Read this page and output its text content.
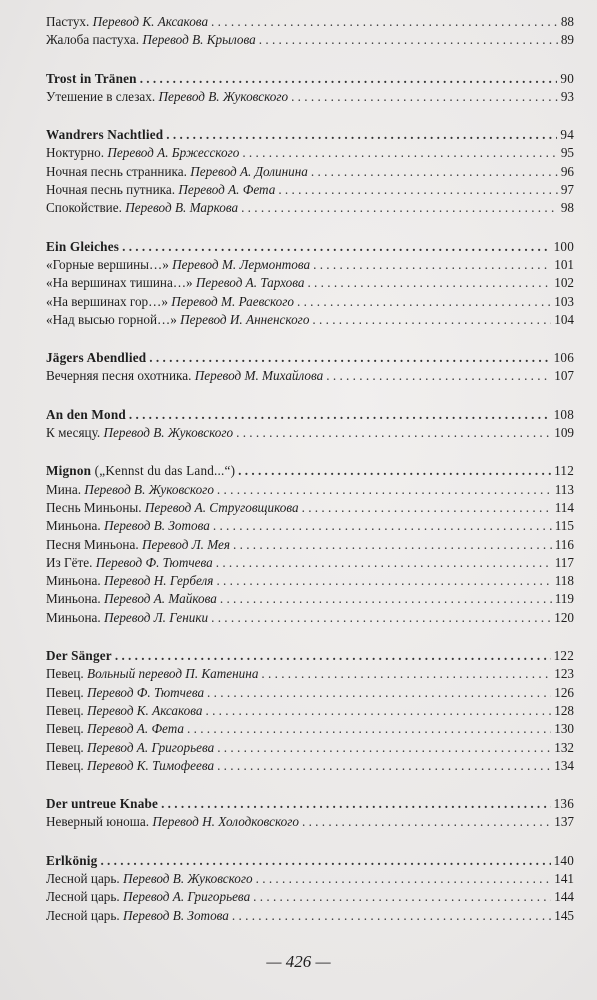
Пастух. Перевод К. Аксакова . . .	88
Жалоба пастуха. Перевод В. Крылова . . .	89
Trost in Tränen . . .	90
Утешение в слезах. Перевод В. Жуковского . . .	93
Wandrers Nachtlied . . .	94
Ноктурно. Перевод А. Бржесского . . .	95
Ночная песнь странника. Перевод А. Долинина . . .	96
Ночная песнь путника. Перевод А. Фета . . .	97
Спокойствие. Перевод В. Маркова . . .	98
Ein Gleiches . . .	100
«Горные вершины…» Перевод М. Лермонтова . . .	101
«На вершинах тишина…» Перевод А. Тархова . . .	102
«На вершинах гор…» Перевод М. Раевского . . .	103
«Над высью горной…» Перевод И. Анненского . . .	104
Jägers Abendlied . . .	106
Вечерняя песня охотника. Перевод М. Михайлова . . .	107
An den Mond . . .	108
К месяцу. Перевод В. Жуковского . . .	109
Mignon („Kennst du das Land...“) . . .	112
Мина. Перевод В. Жуковского . . .	113
Песнь Миньоны. Перевод А. Струговщикова . . .	114
Миньона. Перевод В. Зотова . . .	115
Песня Миньона. Перевод Л. Мея . . .	116
Из Гёте. Перевод Ф. Тютчева . . .	117
Миньона. Перевод Н. Гербеля . . .	118
Миньона. Перевод А. Майкова . . .	119
Миньона. Перевод Л. Геники . . .	120
Der Sänger . . .	122
Певец. Вольный перевод П. Катенина . . .	123
Певец. Перевод Ф. Тютчева . . .	126
Певец. Перевод К. Аксакова . . .	128
Певец. Перевод А. Фета . . .	130
Певец. Перевод А. Григорьева . . .	132
Певец. Перевод К. Тимофеева . . .	134
Der untreue Knabe . . .	136
Неверный юноша. Перевод Н. Холодковского . . .	137
Erlkönig . . .	140
Лесной царь. Перевод В. Жуковского . . .	141
Лесной царь. Перевод А. Григорьева . . .	144
Лесной царь. Перевод В. Зотова . . .	145
— 426 —
